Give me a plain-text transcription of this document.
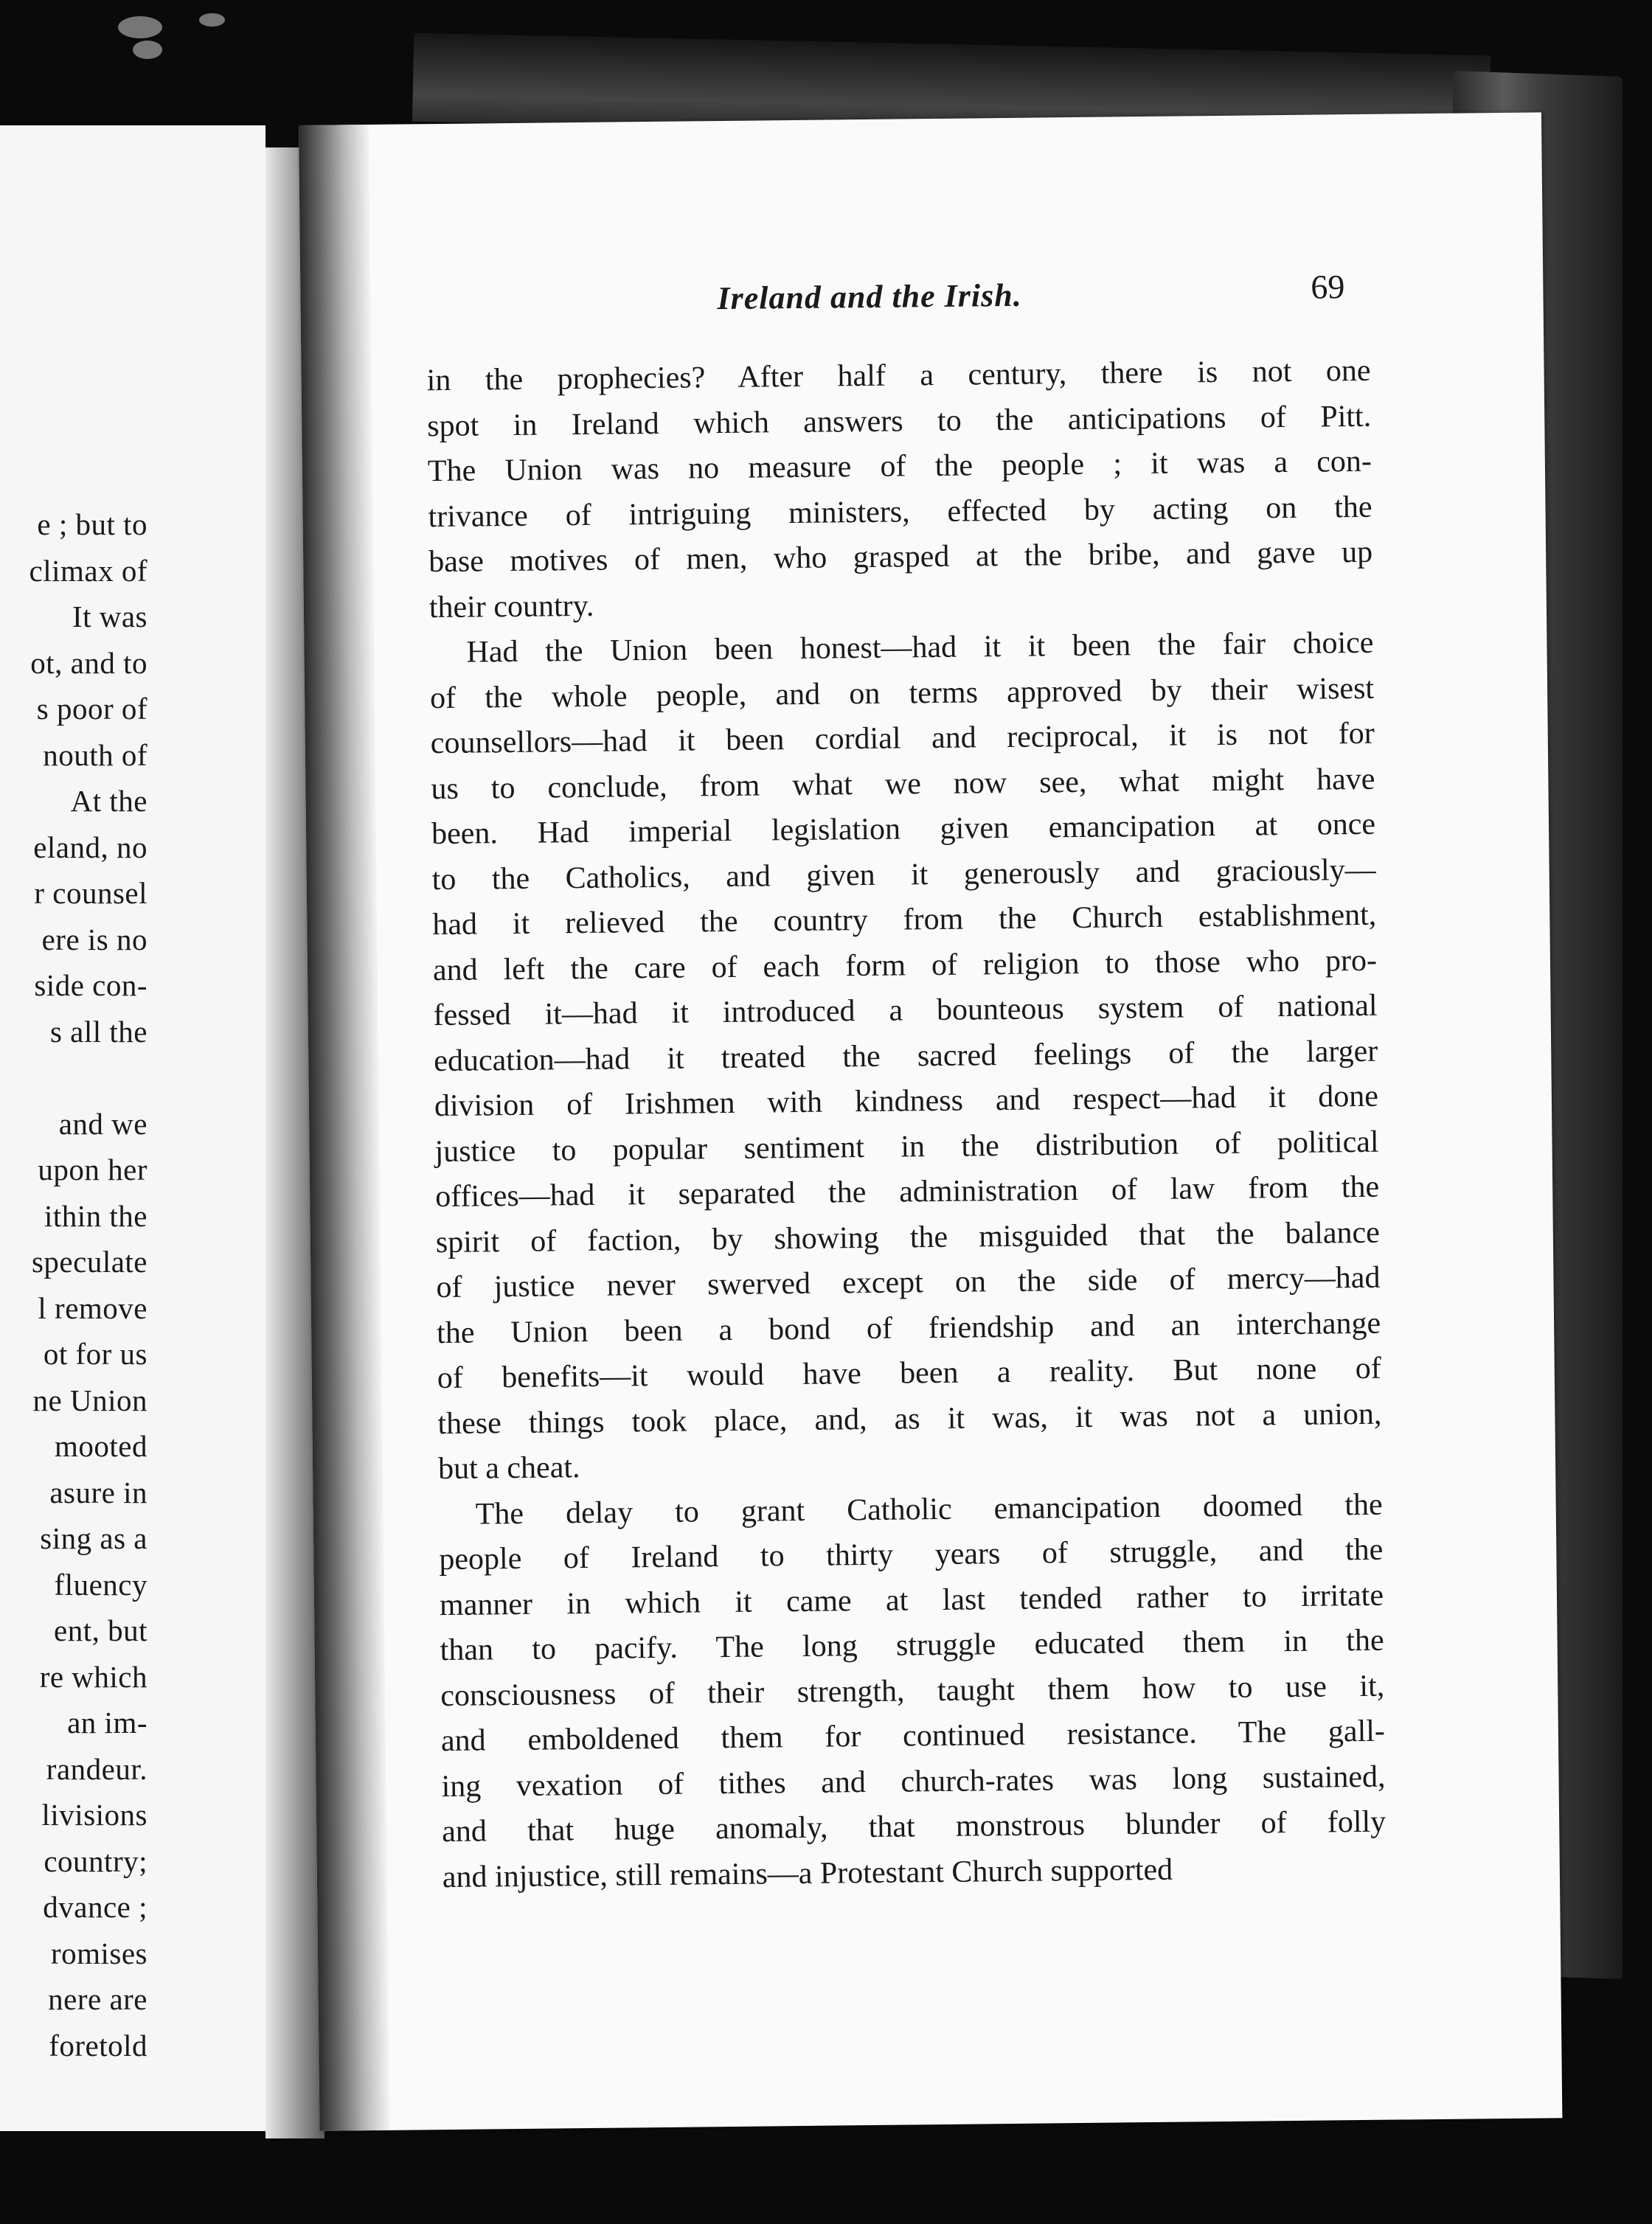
e ; but to
climax of
It was
ot, and to
s poor of
nouth of
At the
eland, no
r counsel
ere is no
side con-
s all the

and we
upon her
ithin the
speculate
l remove
ot for us
ne Union
mooted
asure in
sing as a
fluency
ent, but
re which
an im-
randeur.
livisions
country;
dvance ;
romises
nere are
foretold
Ireland and the Irish.	69

in the prophecies? After half a century, there is not one
spot in Ireland which answers to the anticipations of Pitt.
The Union was no measure of the people ; it was a con-
trivance of intriguing ministers, effected by acting on the
base motives of men, who grasped at the bribe, and gave up
their country.

Had the Union been honest—had it it been the fair choice
of the whole people, and on terms approved by their wisest
counsellors—had it been cordial and reciprocal, it is not for
us to conclude, from what we now see, what might have
been. Had imperial legislation given emancipation at once
to the Catholics, and given it generously and graciously—
had it relieved the country from the Church establishment,
and left the care of each form of religion to those who pro-
fessed it—had it introduced a bounteous system of national
education—had it treated the sacred feelings of the larger
division of Irishmen with kindness and respect—had it done
justice to popular sentiment in the distribution of political
offices—had it separated the administration of law from the
spirit of faction, by showing the misguided that the balance
of justice never swerved except on the side of mercy—had
the Union been a bond of friendship and an interchange
of benefits—it would have been a reality. But none of
these things took place, and, as it was, it was not a union,
but a cheat.

The delay to grant Catholic emancipation doomed the
people of Ireland to thirty years of struggle, and the
manner in which it came at last tended rather to irritate
than to pacify. The long struggle educated them in the
consciousness of their strength, taught them how to use it,
and emboldened them for continued resistance. The gall-
ing vexation of tithes and church-rates was long sustained,
and that huge anomaly, that monstrous blunder of folly
and injustice, still remains—a Protestant Church supported
